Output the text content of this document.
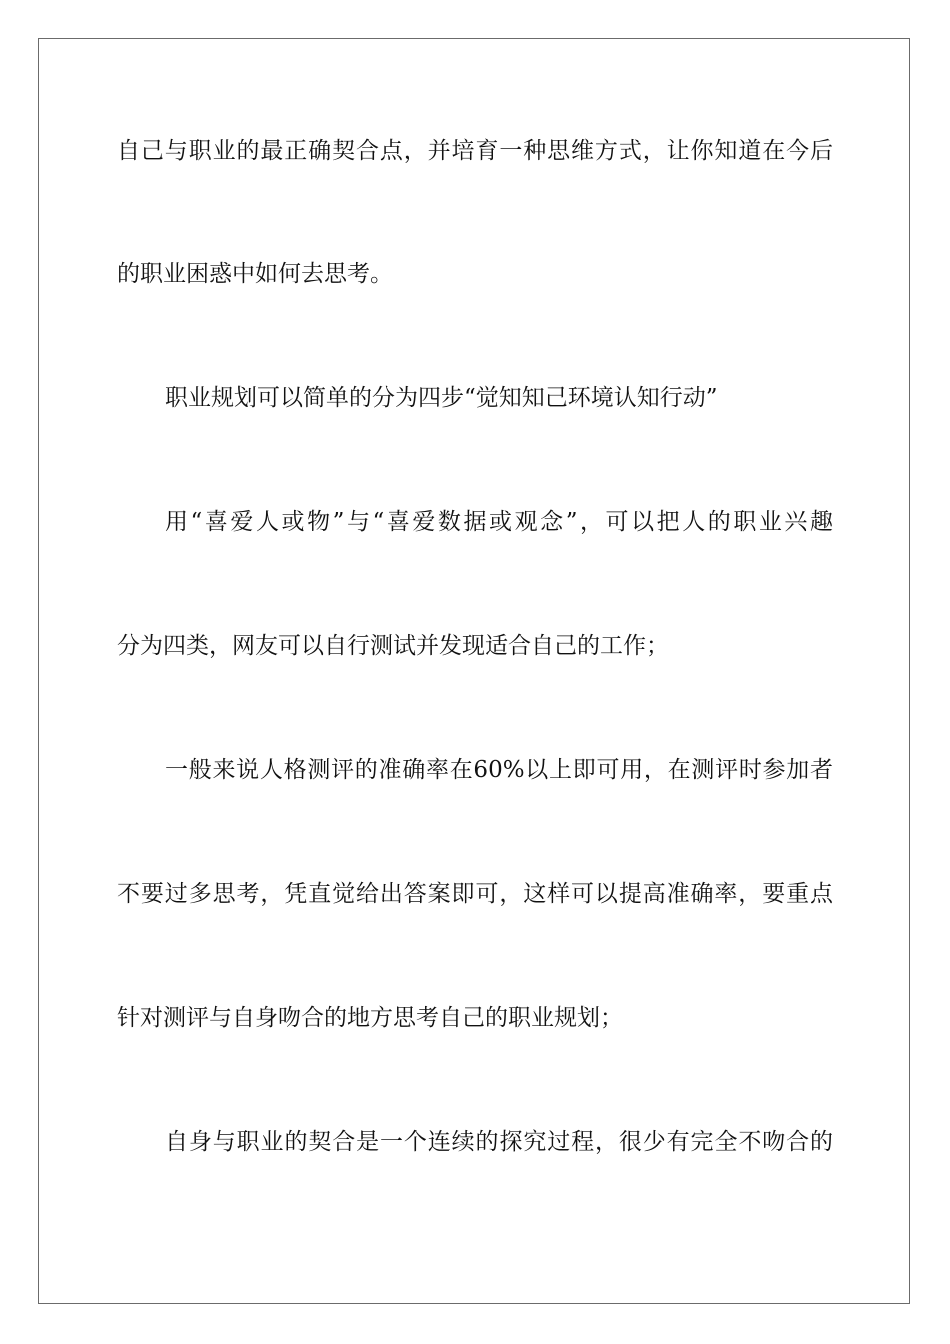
自己与职业的最正确契合点，并培育一种思维方式，让你知道在今后
的职业困惑中如何去思考。
职业规划可以简单的分为四步“觉知知己环境认知行动”
用“喜爱人或物”与“喜爱数据或观念”，可以把人的职业兴趣
分为四类，网友可以自行测试并发现适合自己的工作；
一般来说人格测评的准确率在60%以上即可用，在测评时参加者
不要过多思考，凭直觉给出答案即可，这样可以提高准确率，要重点
针对测评与自身吻合的地方思考自己的职业规划；
自身与职业的契合是一个连续的探究过程，很少有完全不吻合的
